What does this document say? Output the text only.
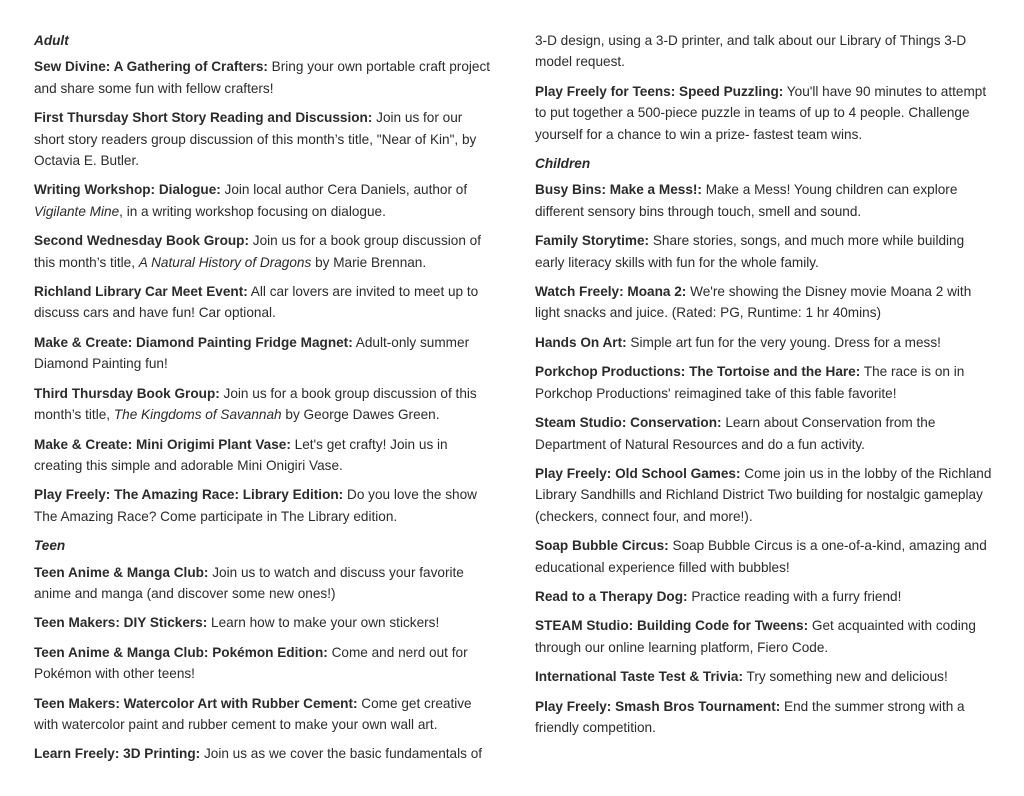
Adult
Sew Divine: A Gathering of Crafters: Bring your own portable craft project and share some fun with fellow crafters!
First Thursday Short Story Reading and Discussion: Join us for our short story readers group discussion of this month’s title, "Near of Kin", by Octavia E. Butler.
Writing Workshop: Dialogue: Join local author Cera Daniels, author of Vigilante Mine, in a writing workshop focusing on dialogue.
Second Wednesday Book Group: Join us for a book group discussion of this month’s title, A Natural History of Dragons by Marie Brennan.
Richland Library Car Meet Event: All car lovers are invited to meet up to discuss cars and have fun! Car optional.
Make & Create: Diamond Painting Fridge Magnet: Adult-only summer Diamond Painting fun!
Third Thursday Book Group: Join us for a book group discussion of this month’s title, The Kingdoms of Savannah by George Dawes Green.
Make & Create: Mini Origimi Plant Vase: Let's get crafty! Join us in creating this simple and adorable Mini Onigiri Vase.
Play Freely: The Amazing Race: Library Edition: Do you love the show The Amazing Race? Come participate in The Library edition.
Teen
Teen Anime & Manga Club: Join us to watch and discuss your favorite anime and manga (and discover some new ones!)
Teen Makers: DIY Stickers: Learn how to make your own stickers!
Teen Anime & Manga Club: Pokémon Edition: Come and nerd out for Pokémon with other teens!
Teen Makers: Watercolor Art with Rubber Cement: Come get creative with watercolor paint and rubber cement to make your own wall art.
Learn Freely: 3D Printing: Join us as we cover the basic fundamentals of
3-D design, using a 3-D printer, and talk about our Library of Things 3-D model request.
Play Freely for Teens: Speed Puzzling: You'll have 90 minutes to attempt to put together a 500-piece puzzle in teams of up to 4 people. Challenge yourself for a chance to win a prize- fastest team wins.
Children
Busy Bins: Make a Mess!: Make a Mess! Young children can explore different sensory bins through touch, smell and sound.
Family Storytime: Share stories, songs, and much more while building early literacy skills with fun for the whole family.
Watch Freely: Moana 2: We're showing the Disney movie Moana 2 with light snacks and juice. (Rated: PG, Runtime: 1 hr 40mins)
Hands On Art: Simple art fun for the very young. Dress for a mess!
Porkchop Productions: The Tortoise and the Hare: The race is on in Porkchop Productions' reimagined take of this fable favorite!
Steam Studio: Conservation: Learn about Conservation from the Department of Natural Resources and do a fun activity.
Play Freely: Old School Games: Come join us in the lobby of the Richland Library Sandhills and Richland District Two building for nostalgic gameplay (checkers, connect four, and more!).
Soap Bubble Circus: Soap Bubble Circus is a one-of-a-kind, amazing and educational experience filled with bubbles!
Read to a Therapy Dog: Practice reading with a furry friend!
STEAM Studio: Building Code for Tweens: Get acquainted with coding through our online learning platform, Fiero Code.
International Taste Test & Trivia: Try something new and delicious!
Play Freely: Smash Bros Tournament: End the summer strong with a friendly competition.
